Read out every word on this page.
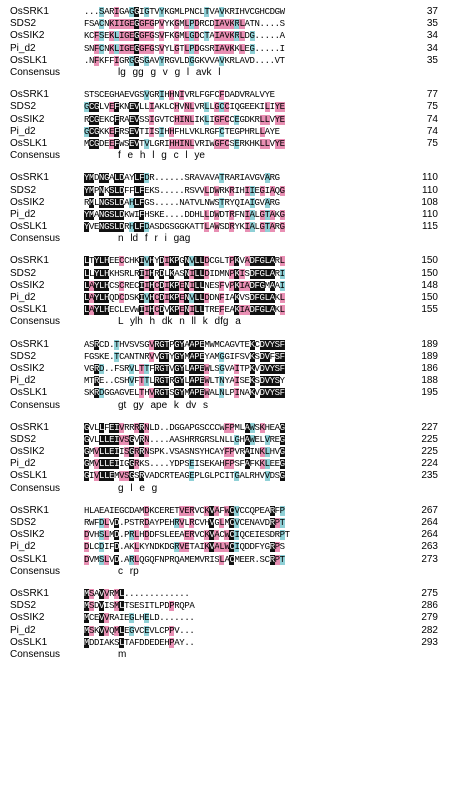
OsSRK1	...SARIGAGGIGTVYKGMLPNCLTVAVKRIHVCGHCDGW	37
SDS2	FSACNKIIGEGGFGPVYKGMLPDRCDIAVKRLATN....S	35
OsSIK2	KCFSEKLIGEGGFGSVFKGMLGDCTAIAVKRLDG.....A	34
Pi_d2	SNFCNKLIGEGGFGSVYLGTLPDGSRIAVKKLEG.....I	34
OsSLK1	.NFKFFIGRGGSGAVYRGVLDGGKVVAVKRLAVD....VT	35
Consensus	lg gg g v g l avk l
OsSRK1	STSCEGHAEVGSVGRIHHNIVRLFGFCFDADVRALVYE	77
SDS2	GCGLVEFKNEVLLIAKLCHVNLVRLLGCCIQGEEKILIYE	75
OsSIK2	RCGEKCFRAEVSSIGVTCHINLIKLIGFCCEGDKRLLVYE	74
Pi_d2	GCGKKEFRSEVTIISIHHFHLVKLRGFCTEGPHRLLAYE	74
OsSLK1	MCGDEEFWSEVTVLGRIHHINLVRIWGFCSERKHKLLVYE	75
Consensus	f e h l g c l ye
OsSRK1	YMDNGALDAYLFDR......SRAVAVATRARIAVGVARG	110
SDS2	YMPNKSLDFFLFEKS.....RSVVLDWRKRIHIIEGIAQG	110
OsSIK2	RMLNGSLDAHLFGS.....NATVLNWSTRYQIAIGVARG	108
Pi_d2	YMANGSLDKWIFHSKE....DDHLLDWDTRFNIALGTAKG	110
OsSLK1	YVENGSLDRHLFDASDGSGGKATTLAWSDRYKIALGTARG	115
Consensus	n ld f r i gag
OsSRK1	LTYLHEECCHKIVHYDIKPGNVLLDCGLTPKVADFGLARL	150
SDS2	LLYLHKHSRLRIIHRDLKASNILLDIDMNPKISDFGLARI	150
OsSIK2	LAYLHCSCRECIIHCDIKPENILLNESFVPKIADFGMAAI	148
Pi_d2	LAYLHQDCDSKIVHCDIKPENVLLDDNFIAKVSDFGLAKL	150
OsSLK1	LAYLHECLEVWIIHCDVKPENILLTREFEAKIADFGLAKL	155
Consensus	L ylh h dk n ll k dfg a
OsSRK1	ASRCD.THVSVSGVRGTPGYAAPEMWMCAGVTEKCDVYSF	189
SDS2	FGSKE.TCANTNRVVGTYGYMAPEYAMGGIFSVKSDVFSF	189
OsSIK2	VGRD..FSRVLTTFRGTVGYLAPEWLSGVAITPKVDVYSF	186
Pi_d2	MTRE..CSHVFTTLRGTRGYLAPEWLTNYAISEKSDVYSY	188
OsSLK1	SKRDGGAGVELTHVRGTSGYMAPEWALNLPINAKVDVYSF	195
Consensus	gt gy ape k dv s
OsSRK1	GVLLFEIVRRRRNLD..DGGAPGSCCCWFPMLAWSKHEAG	227
SDS2	GVLLLEIVSGVRN....AASHRRGRSLNLLGHAWELVREG	225
OsSIK2	GMVLLEIISGRRNSPK.VSASNSYHCAYFPVRAINKLHVG	225
Pi_d2	GMVLLEIIGGRKS....YDPSEISEKAHFPSFAFKKLEEG	224
OsSLK1	GIVLLEMVSGSRVADCRTEAGEPLGLPCITGALRHVVDSG	235
Consensus	g l e g
OsSRK1	HLAEAIEGCDAMDKCERETVERVCKVAFWCVCCQPEARFP	267
SDS2	RWFDLVD.PSTRDAYPEHRVLRCVHVGLMCVCENAVDRPT	264
OsSIK2	DVHSLMD.PRLHDDFSLEEAERVCKVACWCIQCEIESDRPT	264
Pi_d2	DLCDIFD.AKLKYNDKDGRVETAIKVALWCIQDDFYGRPS	263
OsSLK1	DVMSLVD.ARLQGQFNPRQAMEMVRISLACMEER.SCRPT	273
Consensus	c rp
OsSRK1	MSAVVRML.............	275
SDS2	MSDVISMLTSESITLPDPRQPA	286
OsSIK2	MCEVVRAIEGLHELD.......	279
Pi_d2	MSKVVQMLEGVCEVLCPPV...	282
OsSLK1	MDDIAKSLTAFDDEDEHPAY..	293
Consensus	m
